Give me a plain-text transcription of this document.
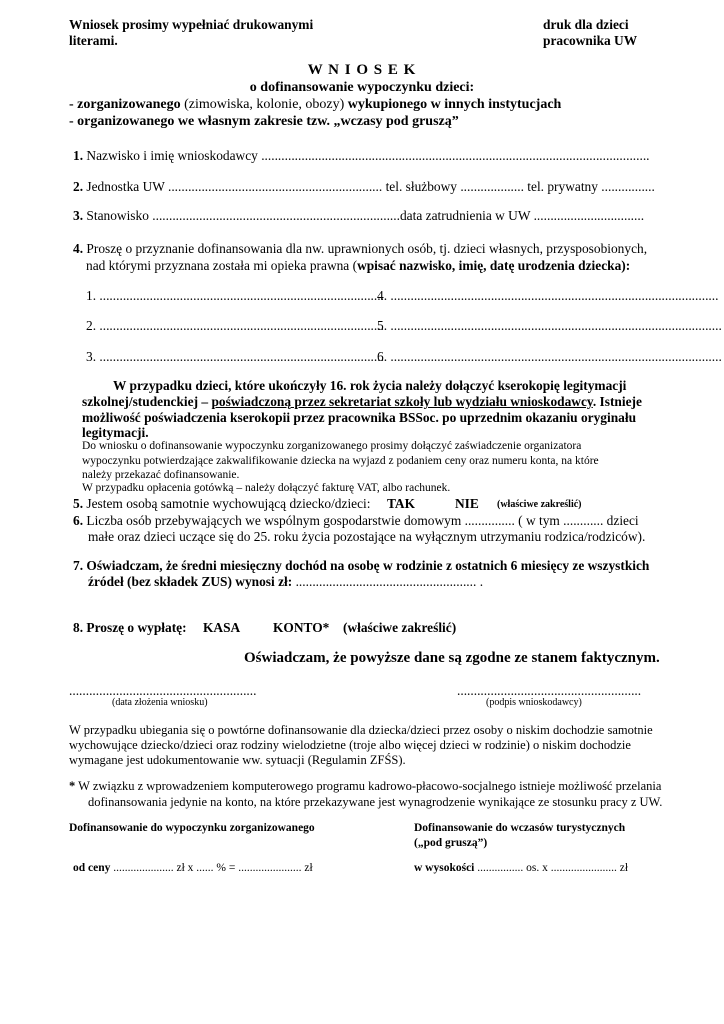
Wniosek prosimy wypełniać drukowanymi
literami.
druk dla dzieci
pracownika UW
W N I O S E K
o dofinansowanie wypoczynku dzieci:
- zorganizowanego (zimowiska, kolonie, obozy) wykupionego w innych instytucjach
- organizowanego we własnym zakresie tzw. „wczasy pod gruszą”
1. Nazwisko i imię wnioskodawcy ....................................................................................................................
2. Jednostka UW ................................................................ tel. służbowy ................... tel. prywatny ................
3. Stanowisko ..........................................................................data zatrudnienia w UW .................................
4. Proszę o przyznanie dofinansowania dla nw. uprawnionych osób, tj. dzieci własnych, przysposobionych,
nad którymi przyznana została mi opieka prawna (wpisać nazwisko, imię, datę urodzenia dziecka):
1. .....................................................................................
4. ..................................................................................................
2. .....................................................................................
5. ...................................................................................................
3. .....................................................................................
6. ...................................................................................................
W przypadku dzieci, które ukończyły 16. rok życia należy dołączyć kserokopię legitymacji
szkolnej/studenckiej – poświadczoną przez sekretariat szkoły lub wydziału wnioskodawcy. Istnieje
możliwość poświadczenia kserokopii przez pracownika BSSoc. po uprzednim okazaniu oryginału
legitymacji.
Do wniosku o dofinansowanie wypoczynku zorganizowanego prosimy dołączyć zaświadczenie organizatora
wypoczynku potwierdzające zakwalifikowanie dziecka na wyjazd z podaniem ceny oraz numeru konta, na które
należy przekazać dofinansowanie.
W przypadku opłacenia gotówką – należy dołączyć fakturę VAT, albo rachunek.
5. Jestem osobą samotnie wychowującą dziecko/dzieci: TAK	NIE (właściwe zakreślić)
6. Liczba osób przebywających we wspólnym gospodarstwie domowym ............... ( w tym ............ dzieci
małe oraz dzieci uczące się do 25. roku życia pozostające na wyłącznym utrzymaniu rodzica/rodziców).
7. Oświadczam, że średni miesięczny dochód na osobę w rodzinie z ostatnich 6 miesięcy ze wszystkich
źródeł (bez składek ZUS) wynosi zł: ...................................................... .
8. Proszę o wypłatę: KASA KONTO* (właściwe zakreślić)
Oświadczam, że powyższe dane są zgodne ze stanem faktycznym.
........................................................
(data złożenia wniosku)
.......................................................
(podpis wnioskodawcy)
W przypadku ubiegania się o powtórne dofinansowanie dla dziecka/dzieci przez osoby o niskim dochodzie samotnie
wychowujące dziecko/dzieci oraz rodziny wielodzietne (troje albo więcej dzieci w rodzinie) o niskim dochodzie
wymagane jest udokumentowanie ww. sytuacji (Regulamin ZFŚS).
* W związku z wprowadzeniem komputerowego programu kadrowo-płacowo-socjalnego istnieje możliwość przelania
dofinansowania jedynie na konto, na które przekazywane jest wynagrodzenie wynikające ze stosunku pracy z UW.
Dofinansowanie do wypoczynku zorganizowanego	Dofinansowanie do wczasów turystycznych
(„pod gruszą”)
od ceny ..................... zł x ...... % = ...................... zł	w wysokości ................ os. x ....................... zł
